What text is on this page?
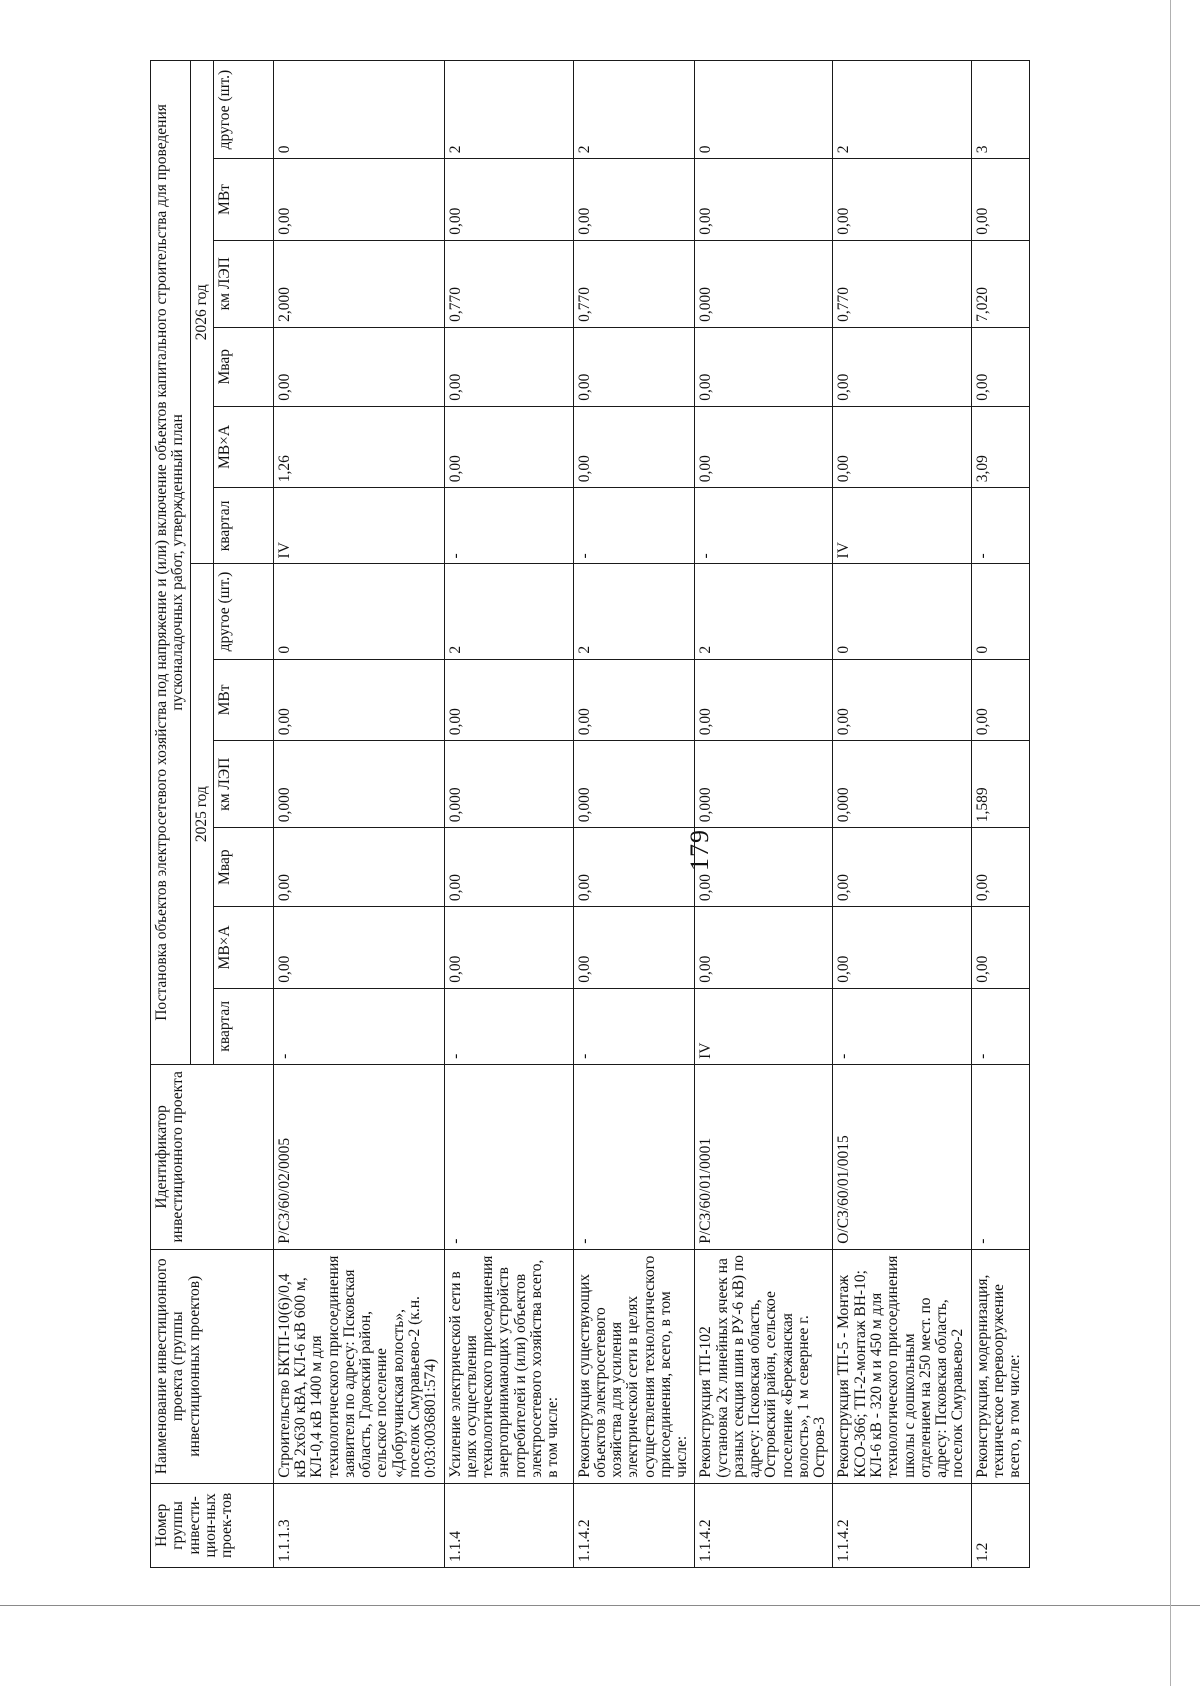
179
Номер группы инвести-цион-ных проек-тов	Наименование инвестиционного проекта (группы инвестиционных проектов)	Идентификатор инвестиционного проекта	Постановка объектов электросетевого хозяйства под напряжение и (или) включение объектов капитального строительства для проведения пусконаладочных работ, утвержденный план											
			2025 год						2026 год					
			квартал	МВ×А	Мвар	км ЛЭП	МВт	другое (шт.)	квартал	МВ×А	Мвар	км ЛЭП	МВт	другое (шт.)
1.1.1.3	Строительство БКТП-10(6)/0,4 кВ 2х630 кВА, КЛ-6 кВ 600 м, КЛ-0,4 кВ 1400 м для технологического присоединения заявителя по адресу: Псковская область, Гдовский район, сельское поселение «Добручинская волость», поселок Смуравьево-2 (к.н. 0:03:0036801:574)	Р/СЗ/60/02/0005	-	0,00	0,00	0,000	0,00	0	IV	1,26	0,00	2,000	0,00	0
1.1.4	Усиление электрической сети в целях осуществления технологического присоединения энергопринимающих устройств потребителей и (или) объектов электросетевого хозяйства всего, в том числе:	-	-	0,00	0,00	0,000	0,00	2	-	0,00	0,00	0,770	0,00	2
1.1.4.2	Реконструкция существующих объектов электросетевого хозяйства для усиления электрической сети в целях осуществления технологического присоединения, всего, в том числе:	-	-	0,00	0,00	0,000	0,00	2	-	0,00	0,00	0,770	0,00	2
1.1.4.2	Реконструкция ТП-102 (установка 2х линейных ячеек на разных секция шин в РУ-6 кВ) по адресу: Псковская область, Островский район, сельское поселение «Бережанская волость», 1 м севернее г. Остров-3	Р/СЗ/60/01/0001	IV	0,00	0,00	0,000	0,00	2	-	0,00	0,00	0,000	0,00	0
1.1.4.2	Реконструкция ТП-5 - Монтаж КСО-366; ТП-2-монтаж ВН-10; КЛ-6 кВ - 320 м и 450 м для технологического присоединения школы с дошкольным отделением на 250 мест. по адресу: Псковская область, поселок Смуравьево-2	О/СЗ/60/01/0015	-	0,00	0,00	0,000	0,00	0	IV	0,00	0,00	0,770	0,00	2
1.2	Реконструкция, модернизация, техническое перевооружение всего, в том числе:	-	-	0,00	0,00	1,589	0,00	0	-	3,09	0,00	7,020	0,00	3
